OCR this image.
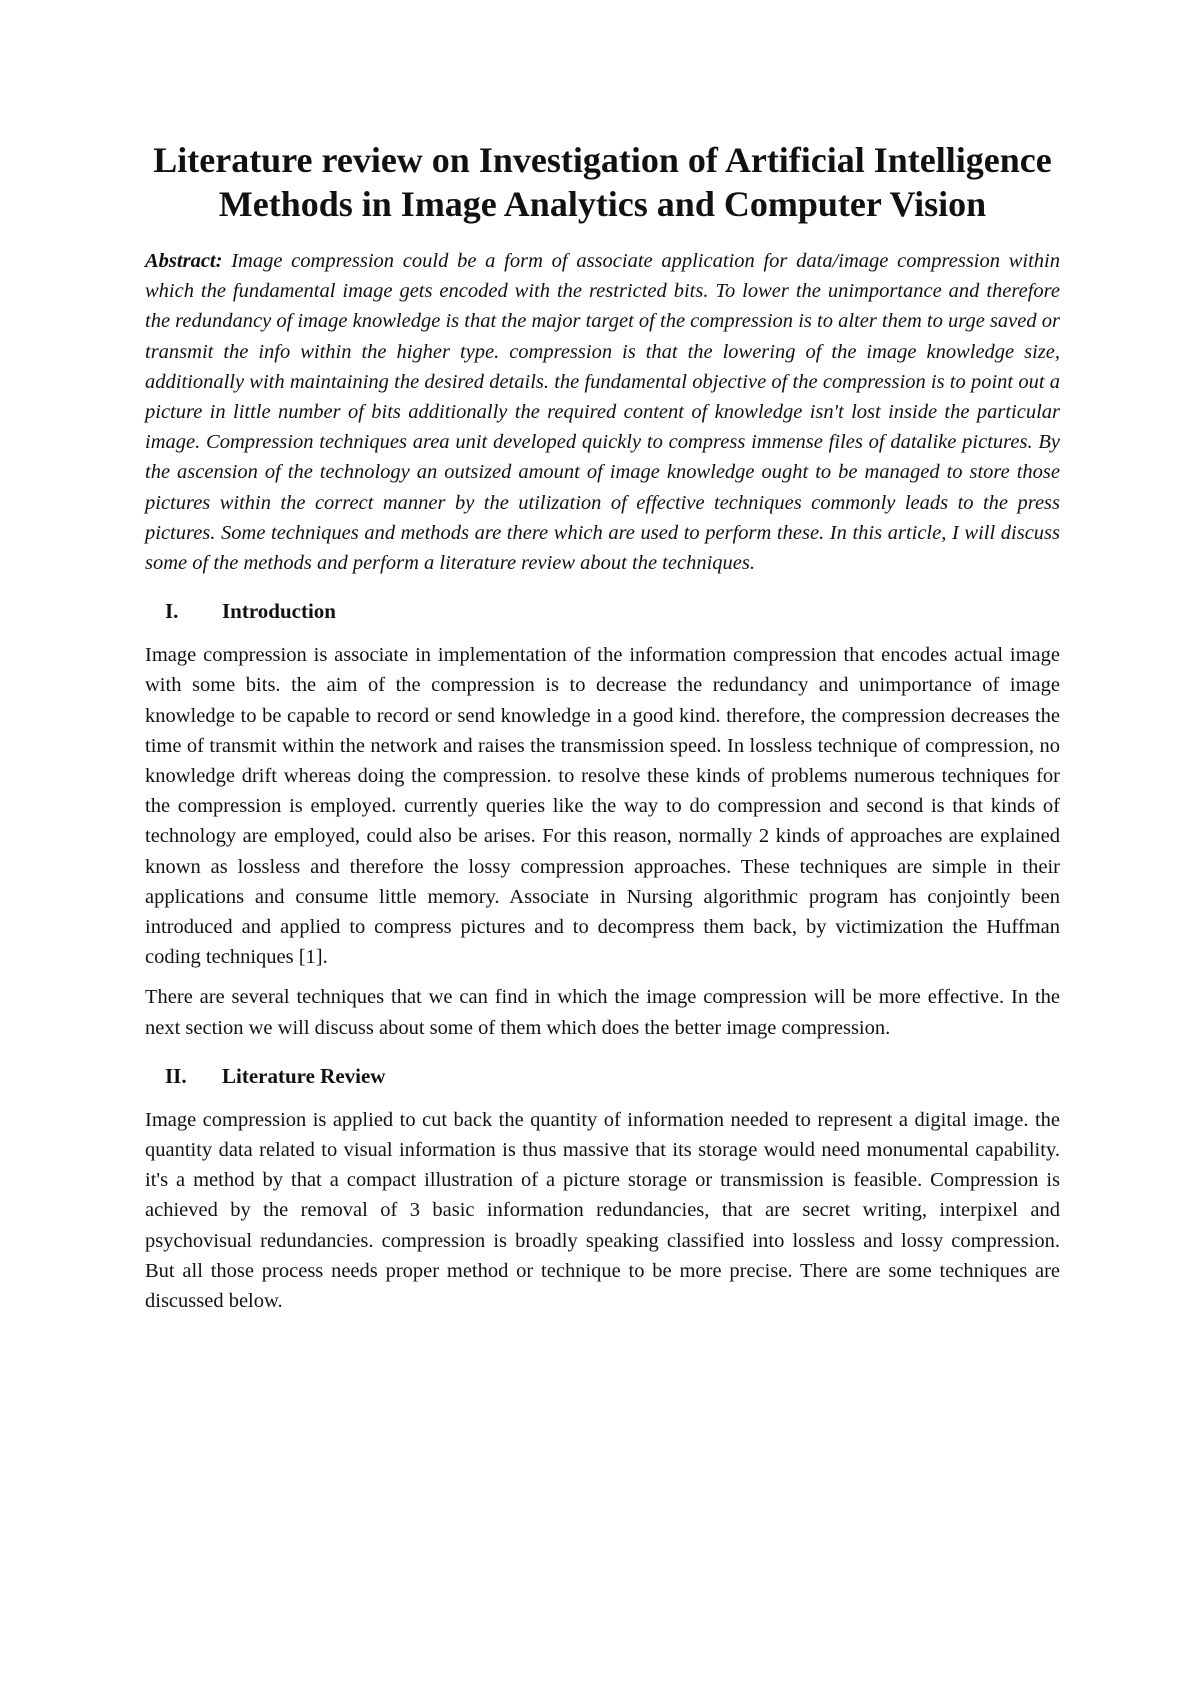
Literature review on Investigation of Artificial Intelligence
Methods in Image Analytics and Computer Vision

Abstract: Image compression could be a form of associate application for data/image compression within which the fundamental image gets encoded with the restricted bits. To lower the unimportance and therefore the redundancy of image knowledge is that the major target of the compression is to alter them to urge saved or transmit the info within the higher type. compression is that the lowering of the image knowledge size, additionally with maintaining the desired details. the fundamental objective of the compression is to point out a picture in little number of bits additionally the required content of knowledge isn't lost inside the particular image. Compression techniques area unit developed quickly to compress immense files of datalike pictures. By the ascension of the technology an outsized amount of image knowledge ought to be managed to store those pictures within the correct manner by the utilization of effective techniques commonly leads to the press pictures. Some techniques and methods are there which are used to perform these. In this article, I will discuss some of the methods and perform a literature review about the techniques.

I.	Introduction

Image compression is associate in implementation of the information compression that encodes actual image with some bits. the aim of the compression is to decrease the redundancy and unimportance of image knowledge to be capable to record or send knowledge in a good kind. therefore, the compression decreases the time of transmit within the network and raises the transmission speed. In lossless technique of compression, no knowledge drift whereas doing the compression. to resolve these kinds of problems numerous techniques for the compression is employed. currently queries like the way to do compression and second is that kinds of technology are employed, could also be arises. For this reason, normally 2 kinds of approaches are explained known as lossless and therefore the lossy compression approaches. These techniques are simple in their applications and consume little memory. Associate in Nursing algorithmic program has conjointly been introduced and applied to compress pictures and to decompress them back, by victimization the Huffman coding techniques [1].

There are several techniques that we can find in which the image compression will be more effective. In the next section we will discuss about some of them which does the better image compression.

II.	Literature Review

Image compression is applied to cut back the quantity of information needed to represent a digital image. the quantity data related to visual information is thus massive that its storage would need monumental capability. it's a method by that a compact illustration of a picture storage or transmission is feasible. Compression is achieved by the removal of 3 basic information redundancies, that are secret writing, interpixel and psychovisual redundancies. compression is broadly speaking classified into lossless and lossy compression. But all those process needs proper method or technique to be more precise. There are some techniques are discussed below.
